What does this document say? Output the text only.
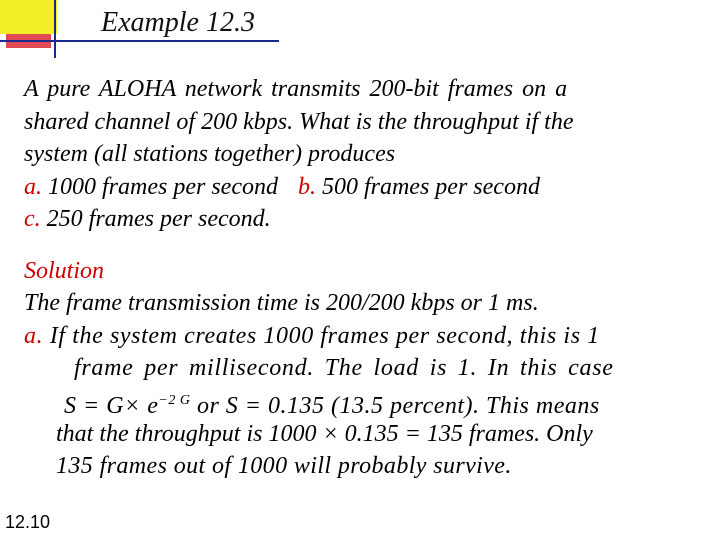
Example 12.3
A pure ALOHA network transmits 200-bit frames on a
shared channel of 200 kbps. What is the throughput if the
system (all stations together) produces
a. 1000 frames per second b. 500 frames per second
c. 250 frames per second.
Solution
The frame transmission time is 200/200 kbps or 1 ms.
a. If the system creates 1000 frames per second, this is 1
frame per millisecond. The load is 1. In this case
$S = G\times e^{-2 G}$ or S = 0.135 (13.5 percent). This means
that the throughput is 1000 × 0.135 = 135 frames. Only
135 frames out of 1000 will probably survive.
12.10
